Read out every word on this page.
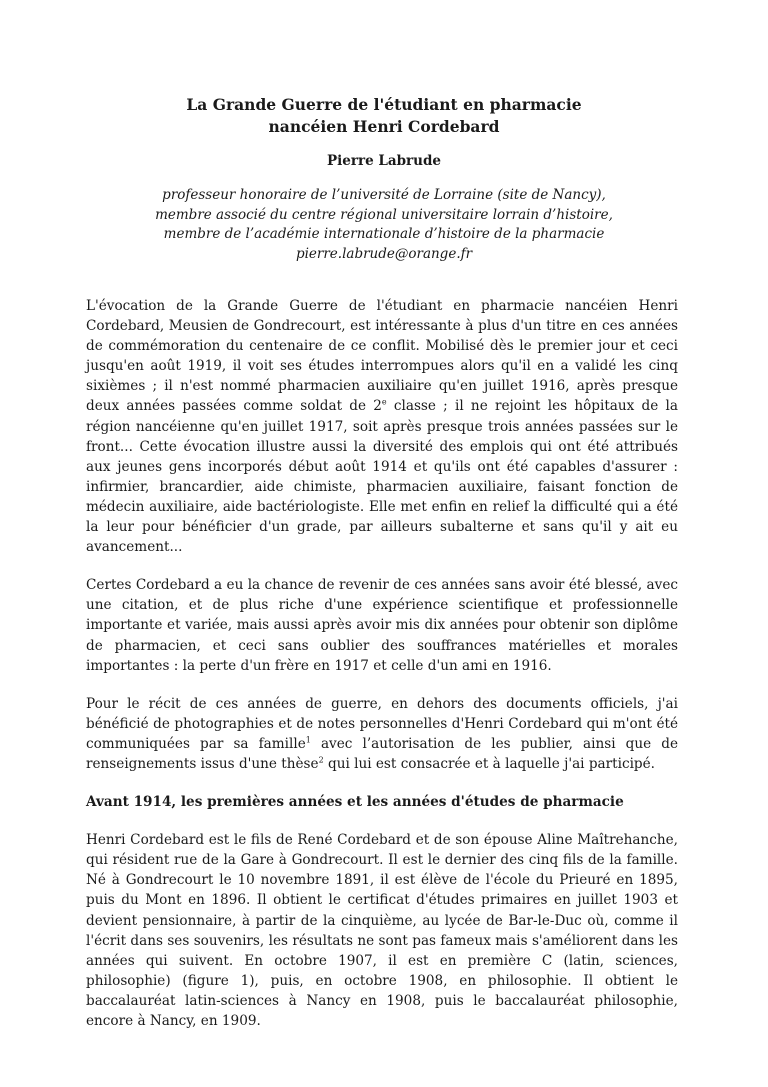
La Grande Guerre de l'étudiant en pharmacie
nancéien Henri Cordebard
Pierre Labrude
professeur honoraire de l’université de Lorraine (site de Nancy),
membre associé du centre régional universitaire lorrain d’histoire,
membre de l’académie internationale d’histoire de la pharmacie
pierre.labrude@orange.fr

L'évocation de la Grande Guerre de l'étudiant en pharmacie nancéien Henri Cordebard, Meusien de Gondrecourt, est intéressante à plus d'un titre en ces années de commémoration du centenaire de ce conflit. Mobilisé dès le premier jour et ceci jusqu'en août 1919, il voit ses études interrompues alors qu'il en a validé les cinq sixièmes ; il n'est nommé pharmacien auxiliaire qu'en juillet 1916, après presque deux années passées comme soldat de 2e classe ; il ne rejoint les hôpitaux de la région nancéienne qu'en juillet 1917, soit après presque trois années passées sur le front... Cette évocation illustre aussi la diversité des emplois qui ont été attribués aux jeunes gens incorporés début août 1914 et qu'ils ont été capables d'assurer : infirmier, brancardier, aide chimiste, pharmacien auxiliaire, faisant fonction de médecin auxiliaire, aide bactériologiste. Elle met enfin en relief la difficulté qui a été la leur pour bénéficier d'un grade, par ailleurs subalterne et sans qu'il y ait eu avancement...

Certes Cordebard a eu la chance de revenir de ces années sans avoir été blessé, avec une citation, et de plus riche d'une expérience scientifique et professionnelle importante et variée, mais aussi après avoir mis dix années pour obtenir son diplôme de pharmacien, et ceci sans oublier des souffrances matérielles et morales importantes : la perte d'un frère en 1917 et celle d'un ami en 1916.

Pour le récit de ces années de guerre, en dehors des documents officiels, j'ai bénéficié de photographies et de notes personnelles d'Henri Cordebard qui m'ont été communiquées par sa famille$^1$ avec l’autorisation de les publier, ainsi que de renseignements issus d'une thèse$^2$ qui lui est consacrée et à laquelle j'ai participé.

Avant 1914, les premières années et les années d'études de pharmacie

Henri Cordebard est le fils de René Cordebard et de son épouse Aline Maîtrehanche, qui résident rue de la Gare à Gondrecourt. Il est le dernier des cinq fils de la famille. Né à Gondrecourt le 10 novembre 1891, il est élève de l'école du Prieuré en 1895, puis du Mont en 1896. Il obtient le certificat d'études primaires en juillet 1903 et devient pensionnaire, à partir de la cinquième, au lycée de Bar-le-Duc où, comme il l'écrit dans ses souvenirs, les résultats ne sont pas fameux mais s'améliorent dans les années qui suivent. En octobre 1907, il est en première C (latin, sciences, philosophie) (figure 1), puis, en octobre 1908, en philosophie. Il obtient le baccalauréat latin-sciences à Nancy en 1908, puis le baccalauréat philosophie, encore à Nancy, en 1909.
